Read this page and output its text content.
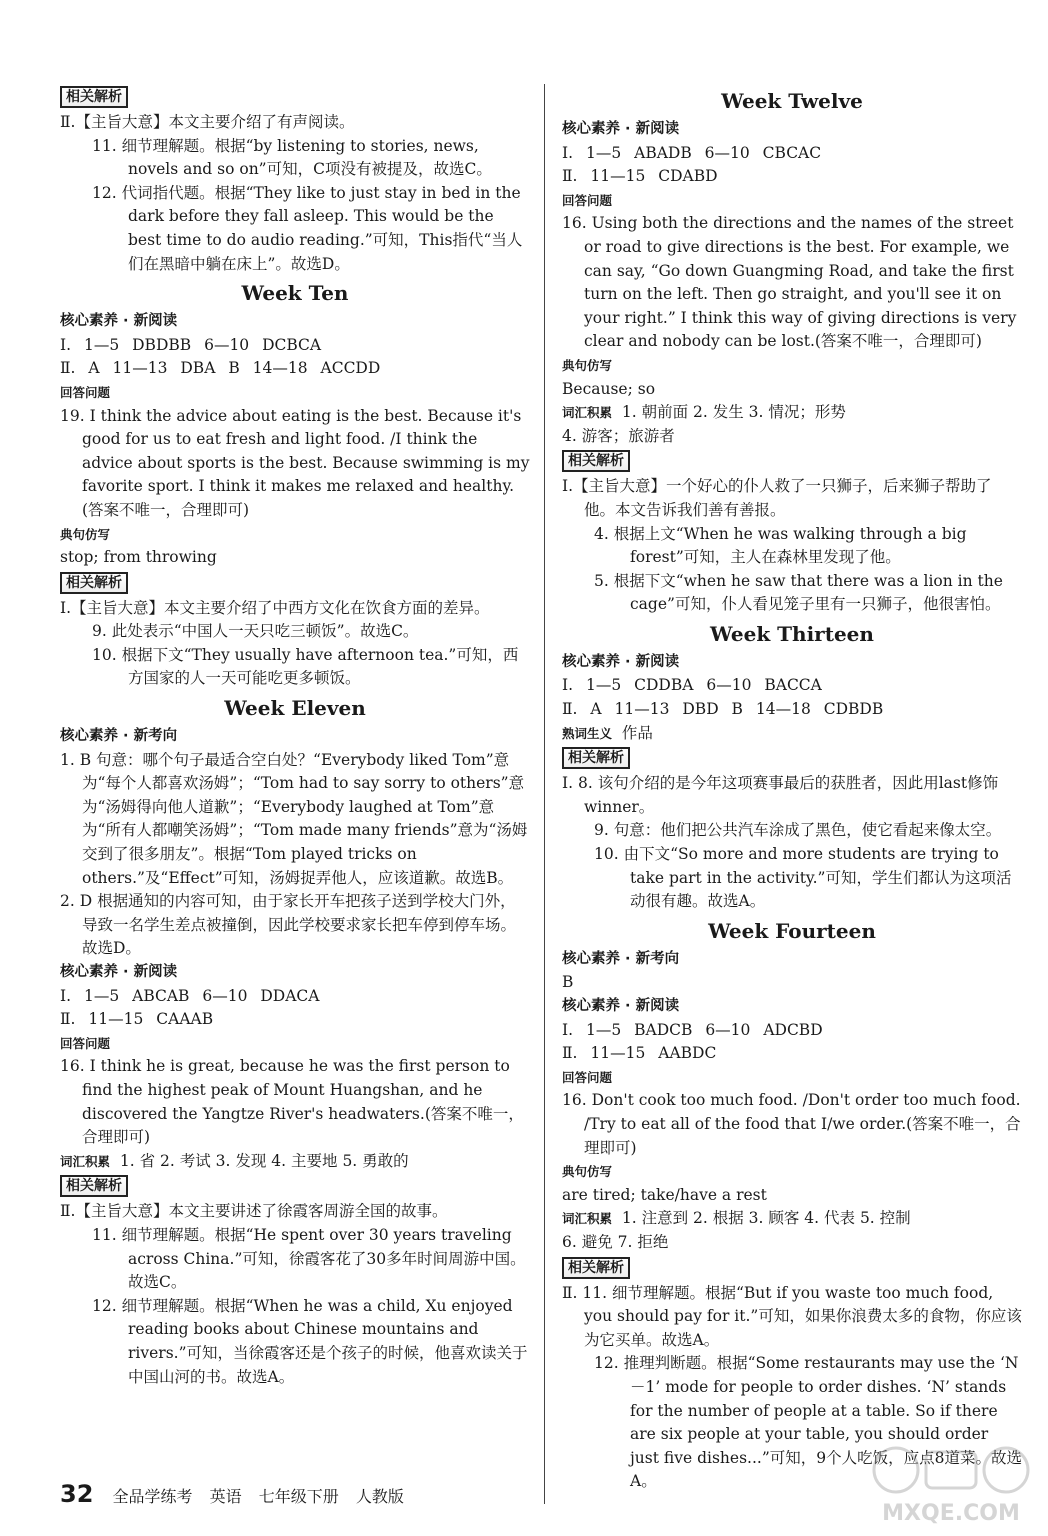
相关解析
Ⅱ.【主旨大意】本文主要介绍了有声阅读。
11. 细节理解题。根据“by listening to stories, news, novels and so on”可知，C项没有被提及，故选C。
12. 代词指代题。根据“They like to just stay in bed in the dark before they fall asleep. This would be the best time to do audio reading.”可知，This指代“当人们在黑暗中躺在床上”。故选D。
Week Ten
核心素养 · 新阅读
Ⅰ. 1—5 DBDBB 6—10 DCBCA
Ⅱ. A 11—13 DBA B 14—18 ACCDD
回答问题
19. I think the advice about eating is the best. Because it's good for us to eat fresh and light food. /I think the advice about sports is the best. Because swimming is my favorite sport. I think it makes me relaxed and healthy.(答案不唯一，合理即可)
典句仿写
stop; from throwing
相关解析
Ⅰ.【主旨大意】本文主要介绍了中西方文化在饮食方面的差异。
9. 此处表示“中国人一天只吃三顿饭”。故选C。
10. 根据下文“They usually have afternoon tea.”可知，西方国家的人一天可能吃更多顿饭。
Week Eleven
核心素养 · 新考向
1. B 句意：哪个句子最适合空白处？“Everybody liked Tom”意为“每个人都喜欢汤姆”；“Tom had to say sorry to others”意为“汤姆得向他人道歉”；“Everybody laughed at Tom”意为“所有人都嘲笑汤姆”；“Tom made many friends”意为“汤姆交到了很多朋友”。根据“Tom played tricks on others.”及“Effect”可知，汤姆捉弄他人，应该道歉。故选B。
2. D 根据通知的内容可知，由于家长开车把孩子送到学校大门外，导致一名学生差点被撞倒，因此学校要求家长把车停到停车场。故选D。
核心素养 · 新阅读
Ⅰ. 1—5 ABCAB 6—10 DDACA
Ⅱ. 11—15 CAAAB
回答问题
16. I think he is great, because he was the first person to find the highest peak of Mount Huangshan, and he discovered the Yangtze River's headwaters.(答案不唯一，合理即可)
词汇积累 1. 省 2. 考试 3. 发现 4. 主要地 5. 勇敢的
相关解析
Ⅱ.【主旨大意】本文主要讲述了徐霞客周游全国的故事。
11. 细节理解题。根据“He spent over 30 years traveling across China.”可知，徐霞客花了30多年时间周游中国。故选C。
12. 细节理解题。根据“When he was a child, Xu enjoyed reading books about Chinese mountains and rivers.”可知，当徐霞客还是个孩子的时候，他喜欢读关于中国山河的书。故选A。
Week Twelve
核心素养 · 新阅读
Ⅰ. 1—5 ABADB 6—10 CBCAC
Ⅱ. 11—15 CDABD
回答问题
16. Using both the directions and the names of the street or road to give directions is the best. For example, we can say, “Go down Guangming Road, and take the first turn on the left. Then go straight, and you'll see it on your right.” I think this way of giving directions is very clear and nobody can be lost.(答案不唯一，合理即可)
典句仿写
Because; so
词汇积累 1. 朝前面 2. 发生 3. 情况；形势
4. 游客；旅游者
相关解析
Ⅰ.【主旨大意】一个好心的仆人救了一只狮子，后来狮子帮助了他。本文告诉我们善有善报。
4. 根据上文“When he was walking through a big forest”可知，主人在森林里发现了他。
5. 根据下文“when he saw that there was a lion in the cage”可知，仆人看见笼子里有一只狮子，他很害怕。
Week Thirteen
核心素养 · 新阅读
Ⅰ. 1—5 CDDBA 6—10 BACCA
Ⅱ. A 11—13 DBD B 14—18 CDBDB
熟词生义 作品
相关解析
Ⅰ. 8. 该句介绍的是今年这项赛事最后的获胜者，因此用last修饰winner。
9. 句意：他们把公共汽车涂成了黑色，使它看起来像太空。
10. 由下文“So more and more students are trying to take part in the activity.”可知，学生们都认为这项活动很有趣。故选A。
Week Fourteen
核心素养 · 新考向
B
核心素养 · 新阅读
Ⅰ. 1—5 BADCB 6—10 ADCBD
Ⅱ. 11—15 AABDC
回答问题
16. Don't cook too much food. /Don't order too much food. /Try to eat all of the food that I/we order.(答案不唯一，合理即可)
典句仿写
are tired; take/have a rest
词汇积累 1. 注意到 2. 根据 3. 顾客 4. 代表 5. 控制
6. 避免 7. 拒绝
相关解析
Ⅱ. 11. 细节理解题。根据“But if you waste too much food, you should pay for it.”可知，如果你浪费太多的食物，你应该为它买单。故选A。
12. 推理判断题。根据“Some restaurants may use the ‘N－1’ mode for people to order dishes. ‘N’ stands for the number of people at a table. So if there are six people at your table, you should order just five dishes...”可知，9个人吃饭，应点8道菜。故选A。
32 全品学练考 英语 七年级下册 人教版
MXQE.COM
